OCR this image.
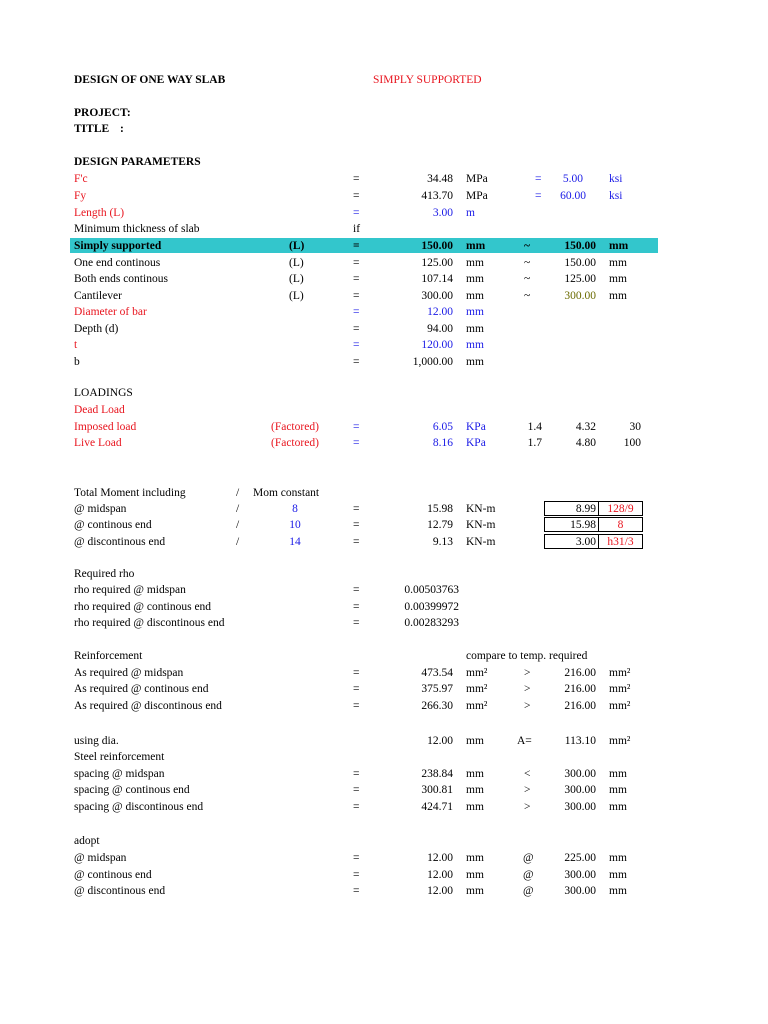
DESIGN OF ONE WAY SLAB	SIMPLY SUPPORTED
PROJECT:
TITLE :
DESIGN PARAMETERS
F'c	=	34.48 MPa	=	5.00 ksi
Fy	=	413.70 MPa	=	60.00 ksi
Length (L)	=	3.00 m
Minimum thickness of slab	if
Simply supported	(L)	=	150.00 mm	~	150.00 mm
One end continous	(L)	=	125.00 mm	~	150.00 mm
Both ends continous	(L)	=	107.14 mm	~	125.00 mm
Cantilever	(L)	=	300.00 mm	~	300.00 mm
Diameter of bar	=	12.00 mm
Depth (d)	=	94.00 mm
t	=	120.00 mm
b	=	1,000.00 mm
LOADINGS
Dead Load
Imposed load	(Factored)	=	6.05 KPa	1.4	4.32	30
Live Load	(Factored)	=	8.16 KPa	1.7	4.80	100
Total Moment including	/ Mom constant
@ midspan	/	8	=	15.98 KN-m	8.99 128/9
@ continous end	/	10	=	12.79 KN-m	15.98	8
@ discontinous end	/	14	=	9.13 KN-m	3.00 h31/3
Required rho
rho required @ midspan	=	0.00503763
rho required @ continous end	=	0.00399972
rho required @ discontinous end	=	0.00283293
Reinforcement	compare to temp. required
As required @ midspan	=	473.54 mm²	>	216.00 mm²
As required @ continous end	=	375.97 mm²	>	216.00 mm²
As required @ discontinous end	=	266.30 mm²	>	216.00 mm²
using dia.	12.00 mm	A=	113.10 mm²
Steel reinforcement
spacing @ midspan	=	238.84 mm	<	300.00 mm
spacing @ continous end	=	300.81 mm	>	300.00 mm
spacing @ discontinous end	=	424.71 mm	>	300.00 mm
adopt
@ midspan	=	12.00 mm	@	225.00 mm
@ continous end	=	12.00 mm	@	300.00 mm
@ discontinous end	=	12.00 mm	@	300.00 mm
